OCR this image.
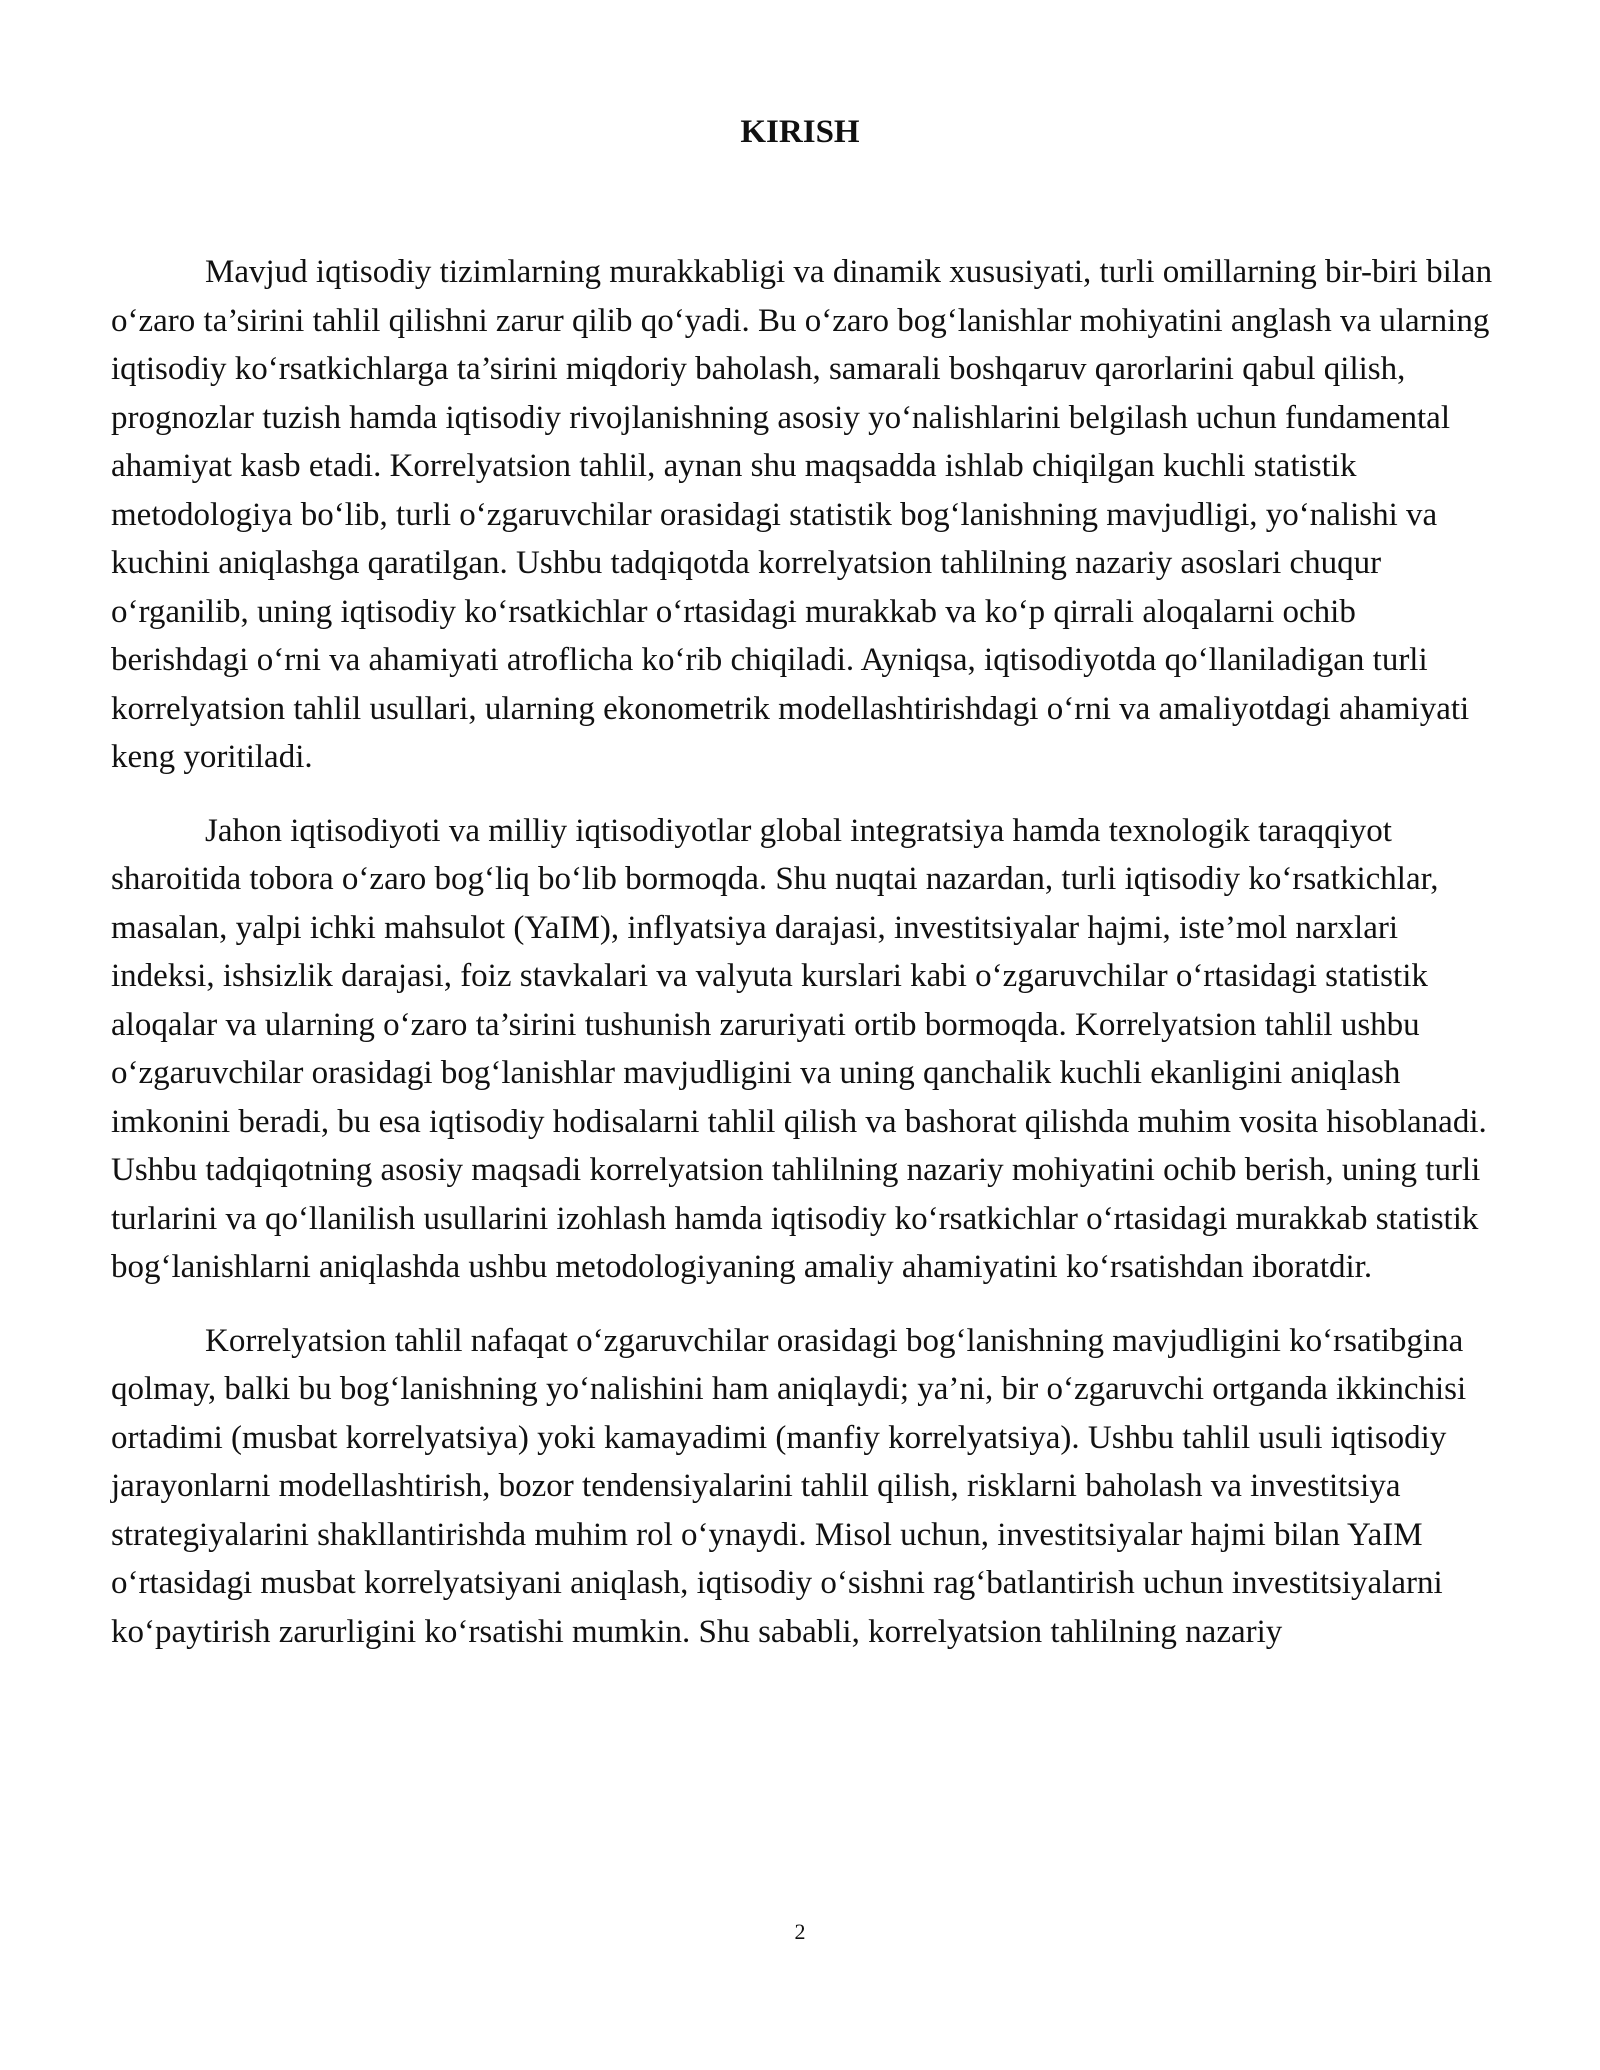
KIRISH

Mavjud iqtisodiy tizimlarning murakkabligi va dinamik xususiyati, turli omillarning bir-biri bilan o‘zaro ta’sirini tahlil qilishni zarur qilib qo‘yadi. Bu o‘zaro bog‘lanishlar mohiyatini anglash va ularning iqtisodiy ko‘rsatkichlarga ta’sirini miqdoriy baholash, samarali boshqaruv qarorlarini qabul qilish, prognozlar tuzish hamda iqtisodiy rivojlanishning asosiy yo‘nalishlarini belgilash uchun fundamental ahamiyat kasb etadi. Korrelyatsion tahlil, aynan shu maqsadda ishlab chiqilgan kuchli statistik metodologiya bo‘lib, turli o‘zgaruvchilar orasidagi statistik bog‘lanishning mavjudligi, yo‘nalishi va kuchini aniqlashga qaratilgan. Ushbu tadqiqotda korrelyatsion tahlilning nazariy asoslari chuqur o‘rganilib, uning iqtisodiy ko‘rsatkichlar o‘rtasidagi murakkab va ko‘p qirrali aloqalarni ochib berishdagi o‘rni va ahamiyati atroflicha ko‘rib chiqiladi. Ayniqsa, iqtisodiyotda qo‘llaniladigan turli korrelyatsion tahlil usullari, ularning ekonometrik modellashtirishdagi o‘rni va amaliyotdagi ahamiyati keng yoritiladi.

Jahon iqtisodiyoti va milliy iqtisodiyotlar global integratsiya hamda texnologik taraqqiyot sharoitida tobora o‘zaro bog‘liq bo‘lib bormoqda. Shu nuqtai nazardan, turli iqtisodiy ko‘rsatkichlar, masalan, yalpi ichki mahsulot (YaIM), inflyatsiya darajasi, investitsiyalar hajmi, iste’mol narxlari indeksi, ishsizlik darajasi, foiz stavkalari va valyuta kurslari kabi o‘zgaruvchilar o‘rtasidagi statistik aloqalar va ularning o‘zaro ta’sirini tushunish zaruriyati ortib bormoqda. Korrelyatsion tahlil ushbu o‘zgaruvchilar orasidagi bog‘lanishlar mavjudligini va uning qanchalik kuchli ekanligini aniqlash imkonini beradi, bu esa iqtisodiy hodisalarni tahlil qilish va bashorat qilishda muhim vosita hisoblanadi. Ushbu tadqiqotning asosiy maqsadi korrelyatsion tahlilning nazariy mohiyatini ochib berish, uning turli turlarini va qo‘llanilish usullarini izohlash hamda iqtisodiy ko‘rsatkichlar o‘rtasidagi murakkab statistik bog‘lanishlarni aniqlashda ushbu metodologiyaning amaliy ahamiyatini ko‘rsatishdan iboratdir.

Korrelyatsion tahlil nafaqat o‘zgaruvchilar orasidagi bog‘lanishning mavjudligini ko‘rsatibgina qolmay, balki bu bog‘lanishning yo‘nalishini ham aniqlaydi; ya’ni, bir o‘zgaruvchi ortganda ikkinchisi ortadimi (musbat korrelyatsiya) yoki kamayadimi (manfiy korrelyatsiya). Ushbu tahlil usuli iqtisodiy jarayonlarni modellashtirish, bozor tendensiyalarini tahlil qilish, risklarni baholash va investitsiya strategiyalarini shakllantirishda muhim rol o‘ynaydi. Misol uchun, investitsiyalar hajmi bilan YaIM o‘rtasidagi musbat korrelyatsiyani aniqlash, iqtisodiy o‘sishni rag‘batlantirish uchun investitsiyalarni ko‘paytirish zarurligini ko‘rsatishi mumkin. Shu sababli, korrelyatsion tahlilning nazariy

2
